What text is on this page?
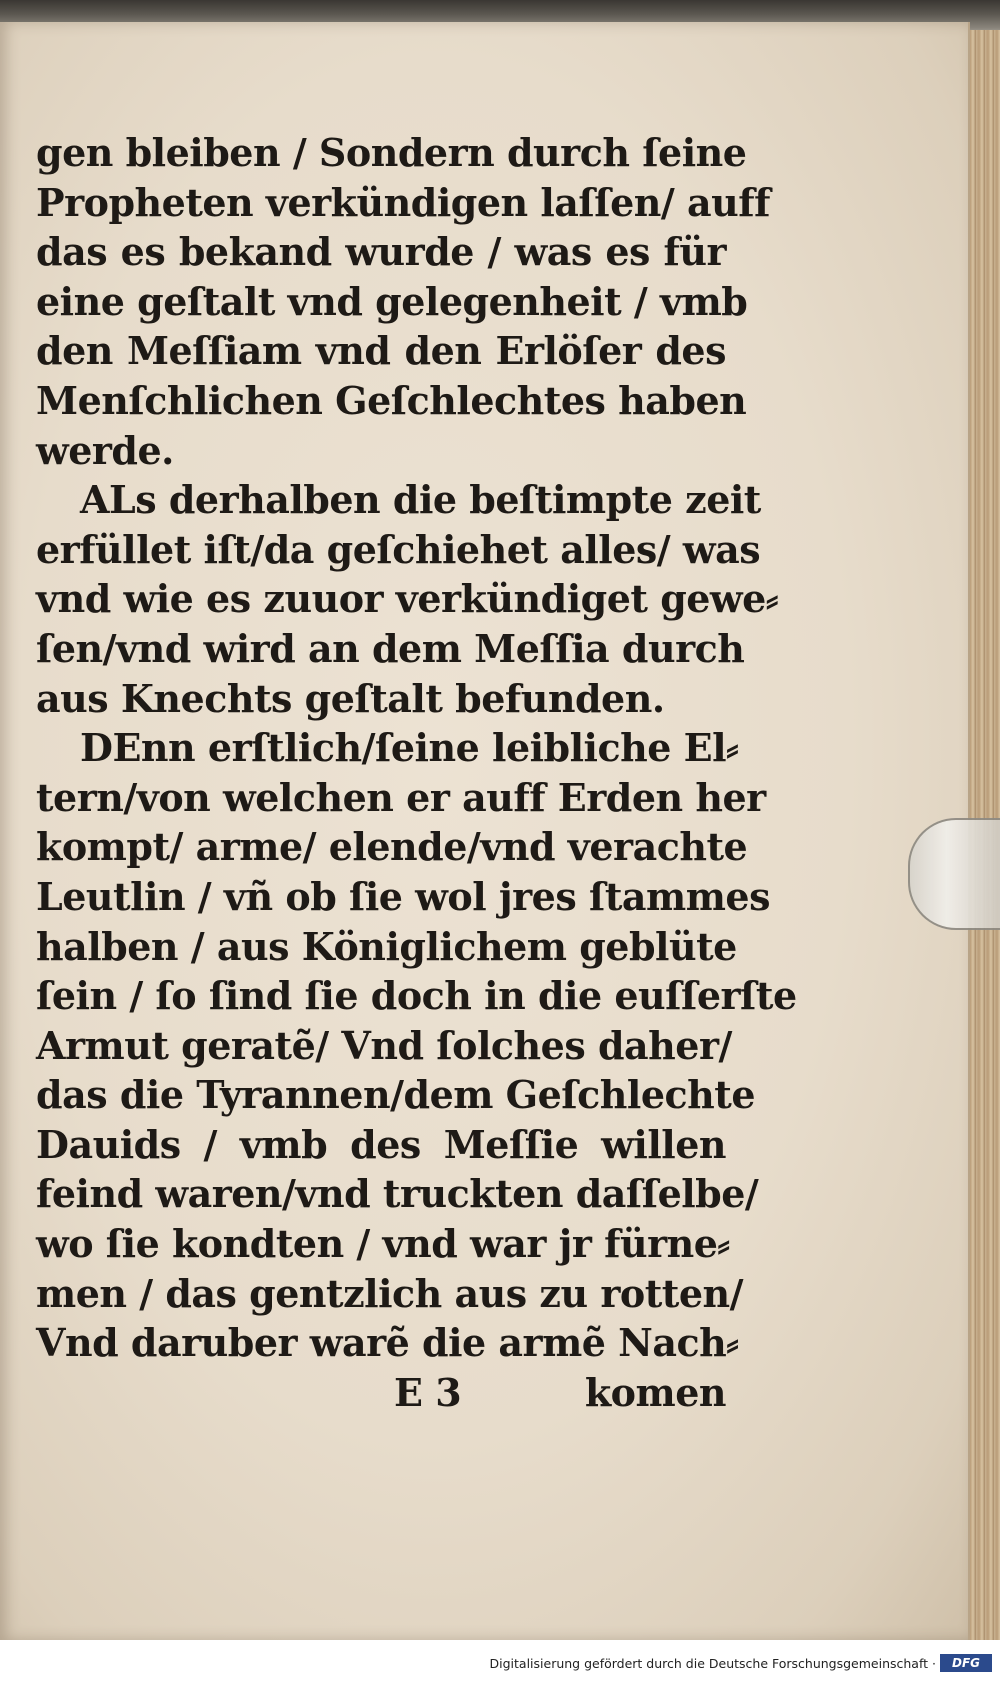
gen bleiben / Sondern durch ſeine
Propheten verkündigen laſſen/ auff
das es bekand wurde / was es für
eine geſtalt vnd gelegenheit / vmb
den Meſſiam vnd den Erlöſer des
Menſchlichen Geſchlechtes haben
werde.
ALs derhalben die beſtimpte zeit
erfüllet iſt/da geſchiehet alles/ was
vnd wie es zuuor verkündiget gewe⸗
ſen/vnd wird an dem Meſſia durch
aus Knechts geſtalt befunden.
DEnn erſtlich/ſeine leibliche El⸗
tern/von welchen er auff Erden her
kompt/ arme/ elende/vnd verachte
Leutlin / vñ ob ſie wol jres ſtammes
halben / aus Königlichem geblüte
ſein / ſo ſind ſie doch in die euſſerſte
Armut geratẽ/ Vnd ſolches daher/
das die Tyrannen/dem Geſchlechte
Dauids / vmb des Meſſie willen
feind waren/vnd truckten daſſelbe/
wo ſie kondten / vnd war jr fürne⸗
men / das gentzlich aus zu rotten/
Vnd daruber warẽ die armẽ Nach⸗
E 3	komen
Digitalisierung gefördert durch die Deutsche Forschungsgemeinschaft ·	DFG
